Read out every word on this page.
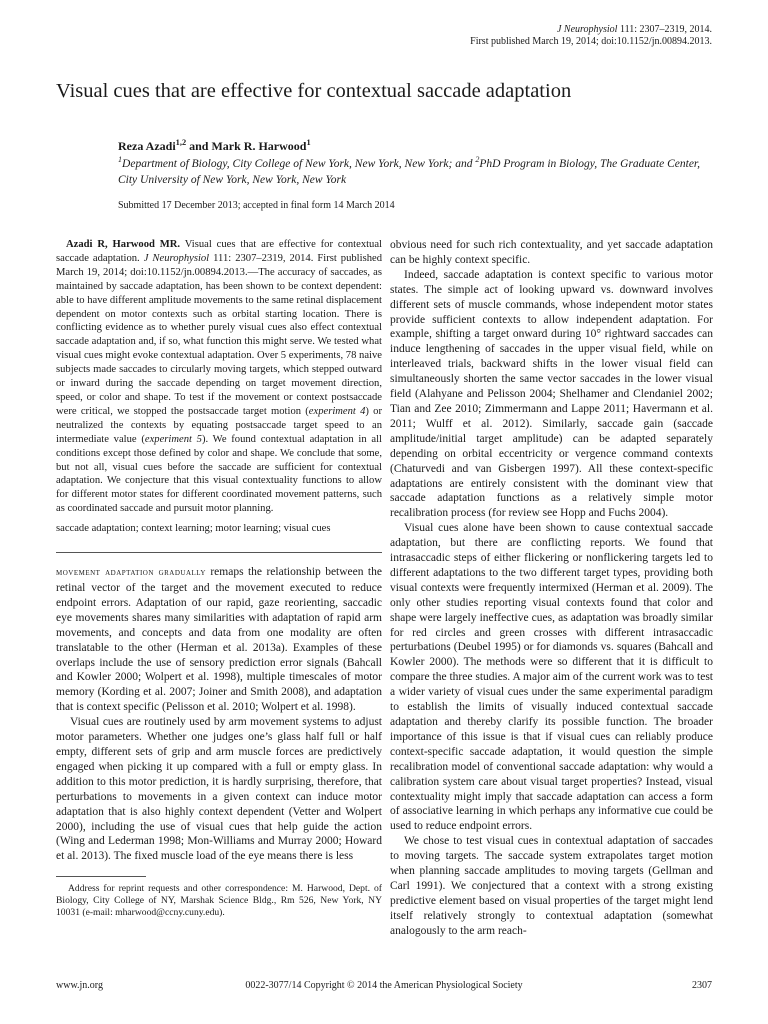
J Neurophysiol 111: 2307–2319, 2014.
First published March 19, 2014; doi:10.1152/jn.00894.2013.
Visual cues that are effective for contextual saccade adaptation
Reza Azadi$^{1,2}$ and Mark R. Harwood$^1$
$^1$Department of Biology, City College of New York, New York, New York; and $^2$PhD Program in Biology, The Graduate Center, City University of New York, New York, New York
Submitted 17 December 2013; accepted in final form 14 March 2014

Azadi R, Harwood MR. Visual cues that are effective for contextual saccade adaptation. J Neurophysiol 111: 2307–2319, 2014. First published March 19, 2014; doi:10.1152/jn.00894.2013.—The accuracy of saccades, as maintained by saccade adaptation, has been shown to be context dependent: able to have different amplitude movements to the same retinal displacement dependent on motor contexts such as orbital starting location. There is conflicting evidence as to whether purely visual cues also effect contextual saccade adaptation and, if so, what function this might serve. We tested what visual cues might evoke contextual adaptation. Over 5 experiments, 78 naive subjects made saccades to circularly moving targets, which stepped outward or inward during the saccade depending on target movement direction, speed, or color and shape. To test if the movement or context postsaccade were critical, we stopped the postsaccade target motion (experiment 4) or neutralized the contexts by equating postsaccade target speed to an intermediate value (experiment 5). We found contextual adaptation in all conditions except those defined by color and shape. We conclude that some, but not all, visual cues before the saccade are sufficient for contextual adaptation. We conjecture that this visual contextuality functions to allow for different motor states for different coordinated movement patterns, such as coordinated saccade and pursuit motor planning.

saccade adaptation; context learning; motor learning; visual cues

movement adaptation gradually remaps the relationship between the retinal vector of the target and the movement executed to reduce endpoint errors. Adaptation of our rapid, gaze reorienting, saccadic eye movements shares many similarities with adaptation of rapid arm movements, and concepts and data from one modality are often translatable to the other (Herman et al. 2013a). Examples of these overlaps include the use of sensory prediction error signals (Bahcall and Kowler 2000; Wolpert et al. 1998), multiple timescales of motor memory (Kording et al. 2007; Joiner and Smith 2008), and adaptation that is context specific (Pelisson et al. 2010; Wolpert et al. 1998).

Visual cues are routinely used by arm movement systems to adjust motor parameters. Whether one judges one’s glass half full or half empty, different sets of grip and arm muscle forces are predictively engaged when picking it up compared with a full or empty glass. In addition to this motor prediction, it is hardly surprising, therefore, that perturbations to movements in a given context can induce motor adaptation that is also highly context dependent (Vetter and Wolpert 2000), including the use of visual cues that help guide the action (Wing and Lederman 1998; Mon-Williams and Murray 2000; Howard et al. 2013). The fixed muscle load of the eye means there is less

Address for reprint requests and other correspondence: M. Harwood, Dept. of Biology, City College of NY, Marshak Science Bldg., Rm 526, New York, NY 10031 (e-mail: mharwood@ccny.cuny.edu).

obvious need for such rich contextuality, and yet saccade adaptation can be highly context specific.

Indeed, saccade adaptation is context specific to various motor states. The simple act of looking upward vs. downward involves different sets of muscle commands, whose independent motor states provide sufficient contexts to allow independent adaptation. For example, shifting a target onward during 10° rightward saccades can induce lengthening of saccades in the upper visual field, while on interleaved trials, backward shifts in the lower visual field can simultaneously shorten the same vector saccades in the lower visual field (Alahyane and Pelisson 2004; Shelhamer and Clendaniel 2002; Tian and Zee 2010; Zimmermann and Lappe 2011; Havermann et al. 2011; Wulff et al. 2012). Similarly, saccade gain (saccade amplitude/initial target amplitude) can be adapted separately depending on orbital eccentricity or vergence command contexts (Chaturvedi and van Gisbergen 1997). All these context-specific adaptations are entirely consistent with the dominant view that saccade adaptation functions as a relatively simple motor recalibration process (for review see Hopp and Fuchs 2004).

Visual cues alone have been shown to cause contextual saccade adaptation, but there are conflicting reports. We found that intrasaccadic steps of either flickering or nonflickering targets led to different adaptations to the two different target types, providing both visual contexts were frequently intermixed (Herman et al. 2009). The only other studies reporting visual contexts found that color and shape were largely ineffective cues, as adaptation was broadly similar for red circles and green crosses with different intrasaccadic perturbations (Deubel 1995) or for diamonds vs. squares (Bahcall and Kowler 2000). The methods were so different that it is difficult to compare the three studies. A major aim of the current work was to test a wider variety of visual cues under the same experimental paradigm to establish the limits of visually induced contextual saccade adaptation and thereby clarify its possible function. The broader importance of this issue is that if visual cues can reliably produce context-specific saccade adaptation, it would question the simple recalibration model of conventional saccade adaptation: why would a calibration system care about visual target properties? Instead, visual contextuality might imply that saccade adaptation can access a form of associative learning in which perhaps any informative cue could be used to reduce endpoint errors.

We chose to test visual cues in contextual adaptation of saccades to moving targets. The saccade system extrapolates target motion when planning saccade amplitudes to moving targets (Gellman and Carl 1991). We conjectured that a context with a strong existing predictive element based on visual properties of the target might lend itself relatively strongly to contextual adaptation (somewhat analogously to the arm reach-

www.jn.org	0022-3077/14 Copyright © 2014 the American Physiological Society	2307
